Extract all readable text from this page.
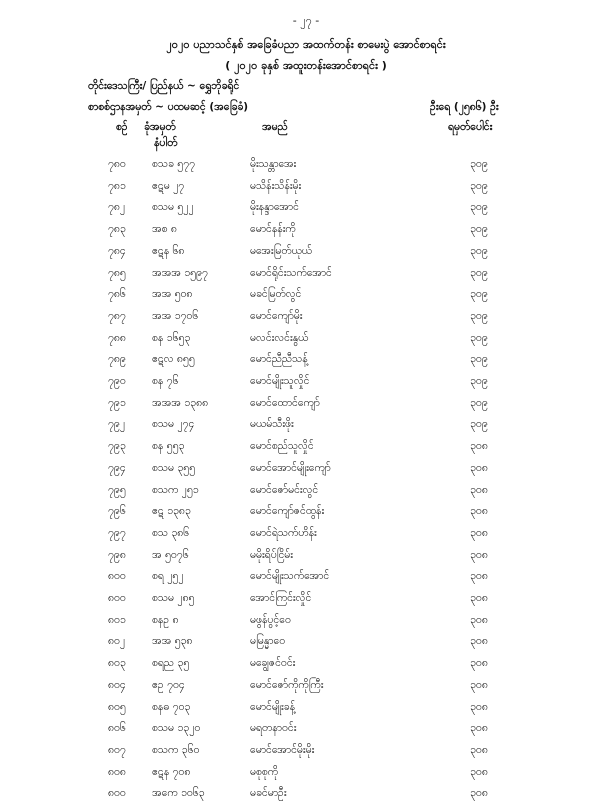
- ၂၇ -
၂၀၂၀ ပညာသင်နှစ် အခြေခံပညာ အထက်တန်း စာမေးပွဲ အောင်စာရင်း
( ၂၀၂၀ ခုနှစ် အထူးတန်းအောင်စာရင်း )
တိုင်းဒေသကြီး/ ပြည်နယ် ~ ရွှေဘိုခရိုင်
စာစစ်ဌာနအမှတ် ~ ပထမဆင့် (အခြေခံ)	ဦးရေ (၂၅၈၆) ဦး
စဉ် ခုံအမှတ်	အမည်	ရမှတ်ပေါင်း
နံပါတ်
၇၈၀ စသခ ၅၇၇	မိုးသန္တာအေး	၃၀၉
၇၈၁ ဧဋမ ၂၇	မသိန်းသိန်းမိုး	၃၀၉
၇၈၂	စသမ ၅၂၂	မိုးနန္ဒာအောင်	၃၀၉
၇၈၃ အစ ၈	မောင်နန်းကို	၃၀၉
၇၈၄ ဧဋန ၆၈	မအေးမြတ်ယုယ်	၃၀၉
၇၈၅ အအအ ၁၅၉၇	မောင်ရိုင်းသက်အောင်	၃၀၉
၇၈၆ အအ ၅၀၈	မခင်မြတ်လွင်	၃၀၉
၇၈၇ အအ ၁၇၀၆	မောင်ကျော်မိုး	၃၀၉
၇၈၈ စန ၁၆၅၃	မလင်းလင်းနွယ်	၃၀၉
၇၈၉ ဧဋလ ၈၅၅	မောင်ညီညီသန့်	၃၀၉
၇၉၀	စန ၇၆	မောင်မျိုးသူလှိုင်	၃၀၉
၇၉၁	အအအ ၁၃၈၈	မောင်ထောင်ကျော်	၃၀၉
၇၉၂	စသမ ၂၇၄	မယမ်သီးဖိုး	၃၀၉
၇၉၃	စန ၅၅၃	မောင်စည်သူလှိုင်	၃၀၈
၇၉၄	စသမ ၃၅၅	မောင်အောင်မျိုးကျော်	၃၀၈
၇၉၅	စသက ၂၅၁	မောင်ဇော်မင်းလွင်	၃၀၈
၇၉၆	ဧဋ ၁၃၈၃	မောင်ကျော်ဇင်ထွန်း	၃၀၈
၇၉၇	စသ ၃၈၆	မောင်ရဲသက်ဟိန်း	၃၀၈
၇၉၈ အ ၅၀၇၆	မမိုးရိပ်ငြိမ်း	၃၀၈
၈၀၀ စရ ၂၅၂	မောင်မျိုးသက်အောင်	၃၀၈
၈၀၀ စသမ ၂၈၅	အောင်ကြင်းလှိုင်	၃၀၈
၈၀၁ စနဥ ၈	မဖွန်ပွင့်ဝေ	၃၀၈
၈၀၂	အအ ၅၃၈	မမြန္မာဝေ	၃၀၈
၈၀၃ စရည ၃၅	မချွေဇင်ဝင်း	၃၀၈
၈၀၄ ဧဥ ၇၀၄	မောင်ဇော်ကိုကိုကြီး	၃၀၈
၈၀၅ စနဓ ၇၀၃	မောင်မျိုးခန့်	၃၀၈
၈၀၆ စသမ ၁၃၂၀	မရတနာဝင်း	၃၀၈
၈၀၇ စသက ၃၆၀	မောင်အောင်မိုးမိုး	၃၀၈
၈၀၈ ဧဋန ၇၀၈	မစုစုကို	၃၀၈
၈၀၀ အကေ ၁၀၆၃	မခင်မာဦး	၃၀၈
